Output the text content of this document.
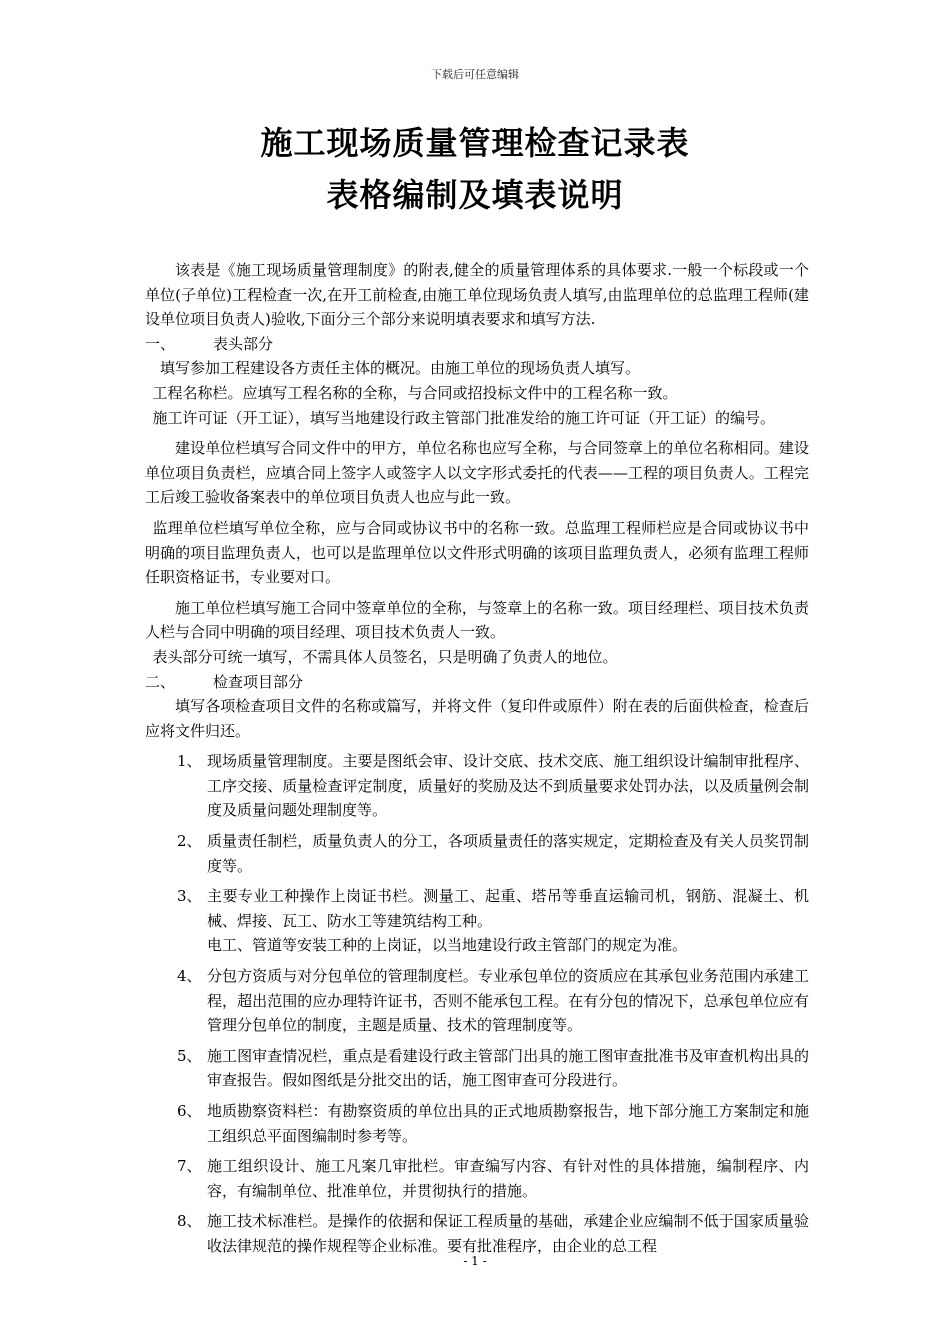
下载后可任意编辑
施工现场质量管理检查记录表
表格编制及填表说明

该表是《施工现场质量管理制度》的附表,健全的质量管理体系的具体要求.一般一个标段或一个单位(子单位)工程检查一次,在开工前检查,由施工单位现场负责人填写,由监理单位的总监理工程师(建设单位项目负责人)验收,下面分三个部分来说明填表要求和填写方法.

一、	表头部分

填写参加工程建设各方责任主体的概况。由施工单位的现场负责人填写。

工程名称栏。应填写工程名称的全称，与合同或招投标文件中的工程名称一致。

施工许可证（开工证），填写当地建设行政主管部门批准发给的施工许可证（开工证）的编号。

建设单位栏填写合同文件中的甲方，单位名称也应写全称，与合同签章上的单位名称相同。建设单位项目负责栏，应填合同上签字人或签字人以文字形式委托的代表——工程的项目负责人。工程完工后竣工验收备案表中的单位项目负责人也应与此一致。

监理单位栏填写单位全称，应与合同或协议书中的名称一致。总监理工程师栏应是合同或协议书中明确的项目监理负责人，也可以是监理单位以文件形式明确的该项目监理负责人，必须有监理工程师任职资格证书，专业要对口。

施工单位栏填写施工合同中签章单位的全称，与签章上的名称一致。项目经理栏、项目技术负责人栏与合同中明确的项目经理、项目技术负责人一致。

表头部分可统一填写，不需具体人员签名，只是明确了负责人的地位。

二、	检查项目部分

填写各项检查项目文件的名称或篇写，并将文件（复印件或原件）附在表的后面供检查，检查后应将文件归还。

1、 现场质量管理制度。主要是图纸会审、设计交底、技术交底、施工组织设计编制审批程序、工序交接、质量检查评定制度，质量好的奖励及达不到质量要求处罚办法，以及质量例会制度及质量问题处理制度等。
2、 质量责任制栏，质量负责人的分工，各项质量责任的落实规定，定期检查及有关人员奖罚制度等。
3、 主要专业工种操作上岗证书栏。测量工、起重、塔吊等垂直运输司机，钢筋、混凝土、机械、焊接、瓦工、防水工等建筑结构工种。

电工、管道等安装工种的上岗证，以当地建设行政主管部门的规定为准。

4、 分包方资质与对分包单位的管理制度栏。专业承包单位的资质应在其承包业务范围内承建工程，超出范围的应办理特许证书，否则不能承包工程。在有分包的情况下，总承包单位应有管理分包单位的制度，主题是质量、技术的管理制度等。
5、 施工图审查情况栏，重点是看建设行政主管部门出具的施工图审查批准书及审查机构出具的审查报告。假如图纸是分批交出的话，施工图审查可分段进行。
6、 地质勘察资料栏：有勘察资质的单位出具的正式地质勘察报告，地下部分施工方案制定和施工组织总平面图编制时参考等。
7、 施工组织设计、施工凡案几审批栏。审查编写内容、有针对性的具体措施，编制程序、内容，有编制单位、批准单位，并贯彻执行的措施。
8、 施工技术标准栏。是操作的依据和保证工程质量的基础，承建企业应编制不低于国家质量验收法律规范的操作规程等企业标准。要有批准程序，由企业的总工程
- 1 -
